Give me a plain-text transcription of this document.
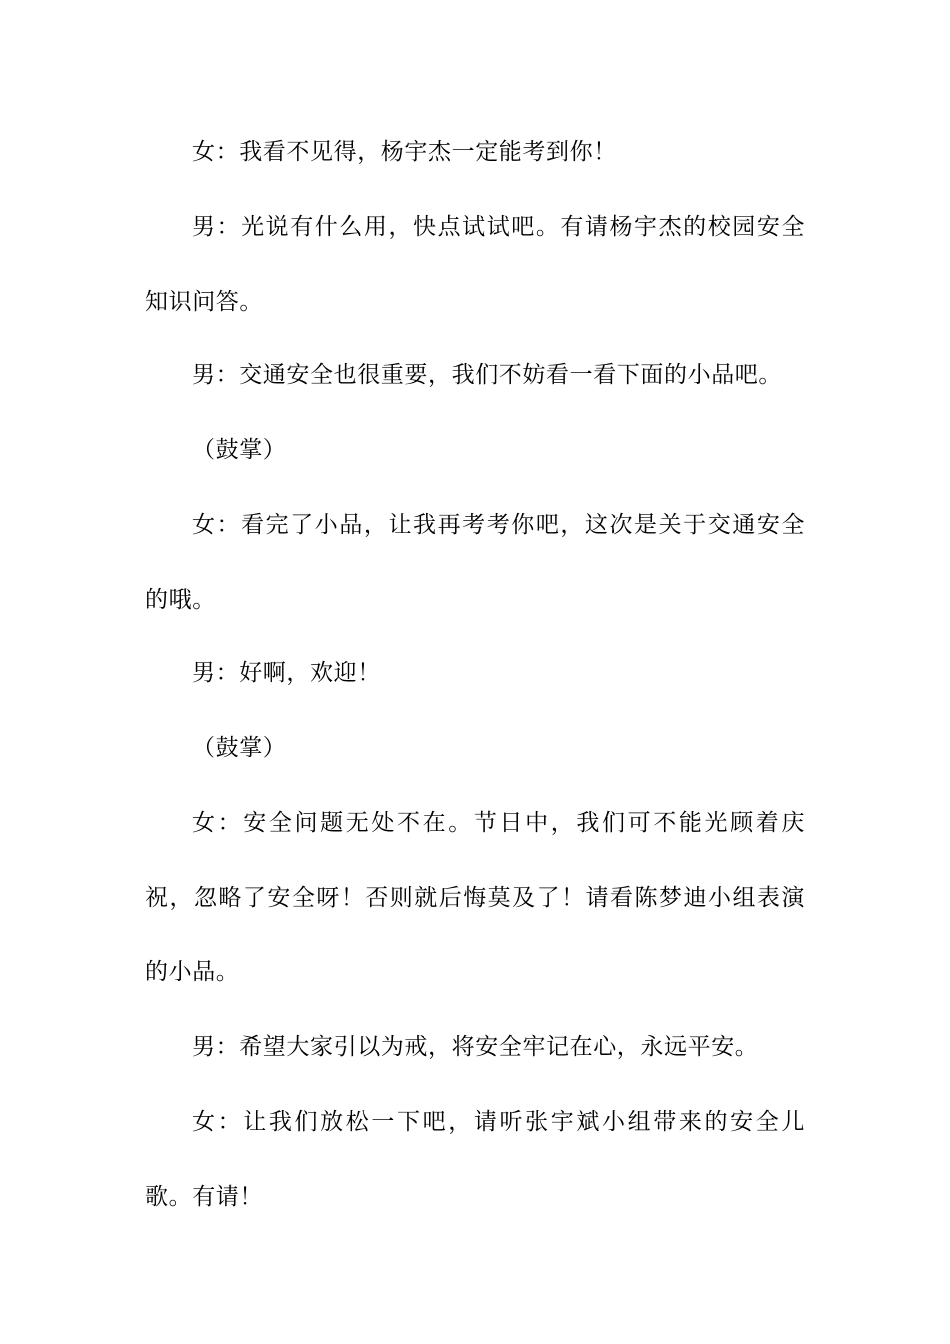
女：我看不见得，杨宇杰一定能考到你！

男：光说有什么用，快点试试吧。有请杨宇杰的校园安全知识问答。

男：交通安全也很重要，我们不妨看一看下面的小品吧。

（鼓掌）

女：看完了小品，让我再考考你吧，这次是关于交通安全的哦。

男：好啊，欢迎！

（鼓掌）

女：安全问题无处不在。节日中，我们可不能光顾着庆祝，忽略了安全呀！否则就后悔莫及了！请看陈梦迪小组表演的小品。

男：希望大家引以为戒，将安全牢记在心，永远平安。

女：让我们放松一下吧，请听张宇斌小组带来的安全儿歌。有请！
